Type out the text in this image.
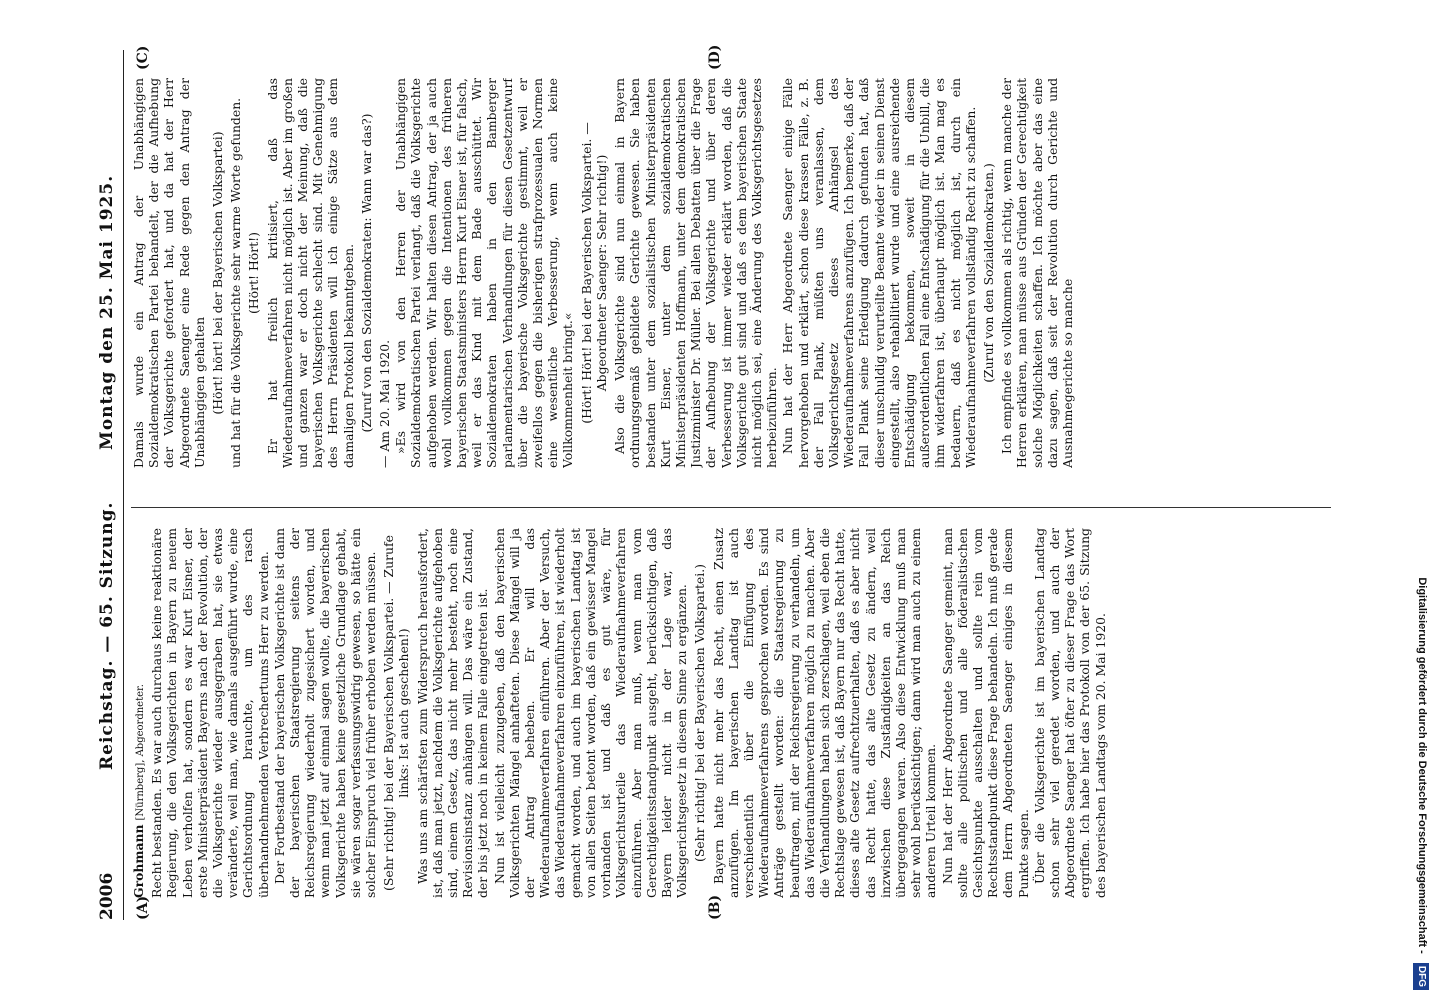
2006
Reichstag. — 65. Sitzung.
Montag den 25. Mai 1925.
(A)	(B)
(C)	(D)

Grohmann [Nürnberg], Abgeordneter. Recht bestanden. Es war auch durchaus keine reaktionäre Regierung, die den Volksgerichten in Bayern zu neuem Leben verholfen hat, sondern es war Kurt Eisner, der erste Ministerpräsident Bayerns nach der Revolution, der die Volksgerichte wieder ausgegraben hat, sie etwas veränderte, weil man, wie damals ausgeführt wurde, eine Gerichtsordnung brauchte, um des rasch überhandnehmenden Verbrechertums Herr zu werden. Der Fortbestand der bayerischen Volksgerichte ist dann der bayerischen Staatsregierung seitens der Reichsregierung wiederholt zugesichert worden, und wenn man jetzt auf einmal sagen wollte, die bayerischen Volksgerichte haben keine gesetzliche Grundlage gehabt, sie wären sogar verfassungswidrig gewesen, so hätte ein solcher Einspruch viel früher erhoben werden müssen. (Sehr richtig! bei der Bayerischen Volkspartei. — Zurufe links: Ist auch geschehen!) Was uns am schärfsten zum Widerspruch herausfordert, ist, daß man jetzt, nachdem die Volksgerichte aufgehoben sind, einem Gesetz, das nicht mehr besteht, noch eine Revisionsinstanz anhängen will. Das wäre ein Zustand, der bis jetzt noch in keinem Falle eingetreten ist. Nun ist vielleicht zuzugeben, daß den bayerischen Volksgerichten Mängel anhafteten. Diese Mängel will ja der Antrag beheben. Er will das Wiederaufnahmeverfahren einführen. Aber der Versuch, das Wiederaufnahmeverfahren einzuführen, ist wiederholt gemacht worden, und auch im bayerischen Landtag ist von allen Seiten betont worden, daß ein gewisser Mangel vorhanden ist und daß es gut wäre, für Volksgerichtsurteile das Wiederaufnahmeverfahren einzuführen. Aber man muß, wenn man vom Gerechtigkeitsstandpunkt ausgeht, berücksichtigen, daß Bayern leider nicht in der Lage war, das Volksgerichtsgesetz in diesem Sinne zu ergänzen. (Sehr richtig! bei der Bayerischen Volkspartei.) Bayern hatte nicht mehr das Recht, einen Zusatz anzufügen. Im bayerischen Landtag ist auch verschiedentlich über die Einfügung des Wiederaufnahmeverfahrens gesprochen worden. Es sind Anträge gestellt worden: die Staatsregierung zu beauftragen, mit der Reichsregierung zu verhandeln, um das Wiederaufnahmeverfahren möglich zu machen. Aber die Verhandlungen haben sich zerschlagen, weil eben die Rechtslage gewesen ist, daß Bayern nur das Recht hatte, dieses alte Gesetz aufrechtzuerhalten, daß es aber nicht das Recht hatte, das alte Gesetz zu ändern, weil inzwischen diese Zuständigkeiten an das Reich übergegangen waren. Also diese Entwicklung muß man sehr wohl berücksichtigen; dann wird man auch zu einem anderen Urteil kommen. Nun hat der Herr Abgeordnete Saenger gemeint, man sollte alle politischen und alle föderalistischen Gesichtspunkte ausschalten und sollte rein vom Rechtsstandpunkt diese Frage behandeln. Ich muß gerade dem Herrn Abgeordneten Saenger einiges in diesem Punkte sagen. Über die Volksgerichte ist im bayerischen Landtag schon sehr viel geredet worden, und auch der Abgeordnete Saenger hat öfter zu dieser Frage das Wort ergriffen. Ich habe hier das Protokoll von der 65. Sitzung des bayerischen Landtags vom 20. Mai 1920.

Damals wurde ein Antrag der Unabhängigen Sozialdemokratischen Partei behandelt, der die Aufhebung der Volksgerichte gefordert hat, und da hat der Herr Abgeordnete Saenger eine Rede gegen den Antrag der Unabhängigen gehalten (Hört! hört! bei der Bayerischen Volkspartei) und hat für die Volksgerichte sehr warme Worte gefunden. (Hört! Hört!) Er hat freilich kritisiert, daß das Wiederaufnahmeverfahren nicht möglich ist. Aber im großen und ganzen war er doch nicht der Meinung, daß die bayerischen Volksgerichte schlecht sind. Mit Genehmigung des Herrn Präsidenten will ich einige Sätze aus dem damaligen Protokoll bekanntgeben. (Zuruf von den Sozialdemokraten: Wann war das?) — Am 20. Mai 1920. »Es wird von den Herren der Unabhängigen Sozialdemokratischen Partei verlangt, daß die Volksgerichte aufgehoben werden. Wir halten diesen Antrag, der ja auch wohl vollkommen gegen die Intentionen des früheren bayerischen Staatsministers Herrn Kurt Eisner ist, für falsch, weil er das Kind mit dem Bade ausschüttet. Wir Sozialdemokraten haben in den Bamberger parlamentarischen Verhandlungen für diesen Gesetzentwurf über die bayerische Volksgerichte gestimmt, weil er zweifellos gegen die bisherigen strafprozessualen Normen eine wesentliche Verbesserung, wenn auch keine Vollkommenheit bringt.« (Hört! Hört! bei der Bayerischen Volkspartei. — Abgeordneter Saenger: Sehr richtig!) Also die Volksgerichte sind nun einmal in Bayern ordnungsgemäß gebildete Gerichte gewesen. Sie haben bestanden unter dem sozialistischen Ministerpräsidenten Kurt Eisner, unter dem sozialdemokratischen Ministerpräsidenten Hoffmann, unter dem demokratischen Justizminister Dr. Müller. Bei allen Debatten über die Frage der Aufhebung der Volksgerichte und über deren Verbesserung ist immer wieder erklärt worden, daß die Volksgerichte gut sind und daß es dem bayerischen Staate nicht möglich sei, eine Änderung des Volksgerichtsgesetzes herbeizuführen. Nun hat der Herr Abgeordnete Saenger einige Fälle hervorgehoben und erklärt, schon diese krassen Fälle, z. B. der Fall Plank, müßten uns veranlassen, dem Volksgerichtsgesetz dieses Anhängsel des Wiederaufnahmeverfahrens anzufügen. Ich bemerke, daß der Fall Plank seine Erledigung dadurch gefunden hat, daß dieser unschuldig verurteilte Beamte wieder in seinen Dienst eingestellt, also rehabilitiert wurde und eine ausreichende Entschädigung bekommen, soweit in diesem außerordentlichen Fall eine Entschädigung für die Unbill, die ihm widerfahren ist, überhaupt möglich ist. Man mag es bedauern, daß es nicht möglich ist, durch ein Wiederaufnahmeverfahren vollständig Recht zu schaffen. (Zuruf von den Sozialdemokraten.) Ich empfinde es vollkommen als richtig, wenn manche der Herren erklären, man müsse aus Gründen der Gerechtigkeit solche Möglichkeiten schaffen. Ich möchte aber das eine dazu sagen, daß seit der Revolution durch Gerichte und Ausnahmegerichte so manche

Digitalisierung gefördert durch die Deutsche Forschungsgemeinschaft - DFG
